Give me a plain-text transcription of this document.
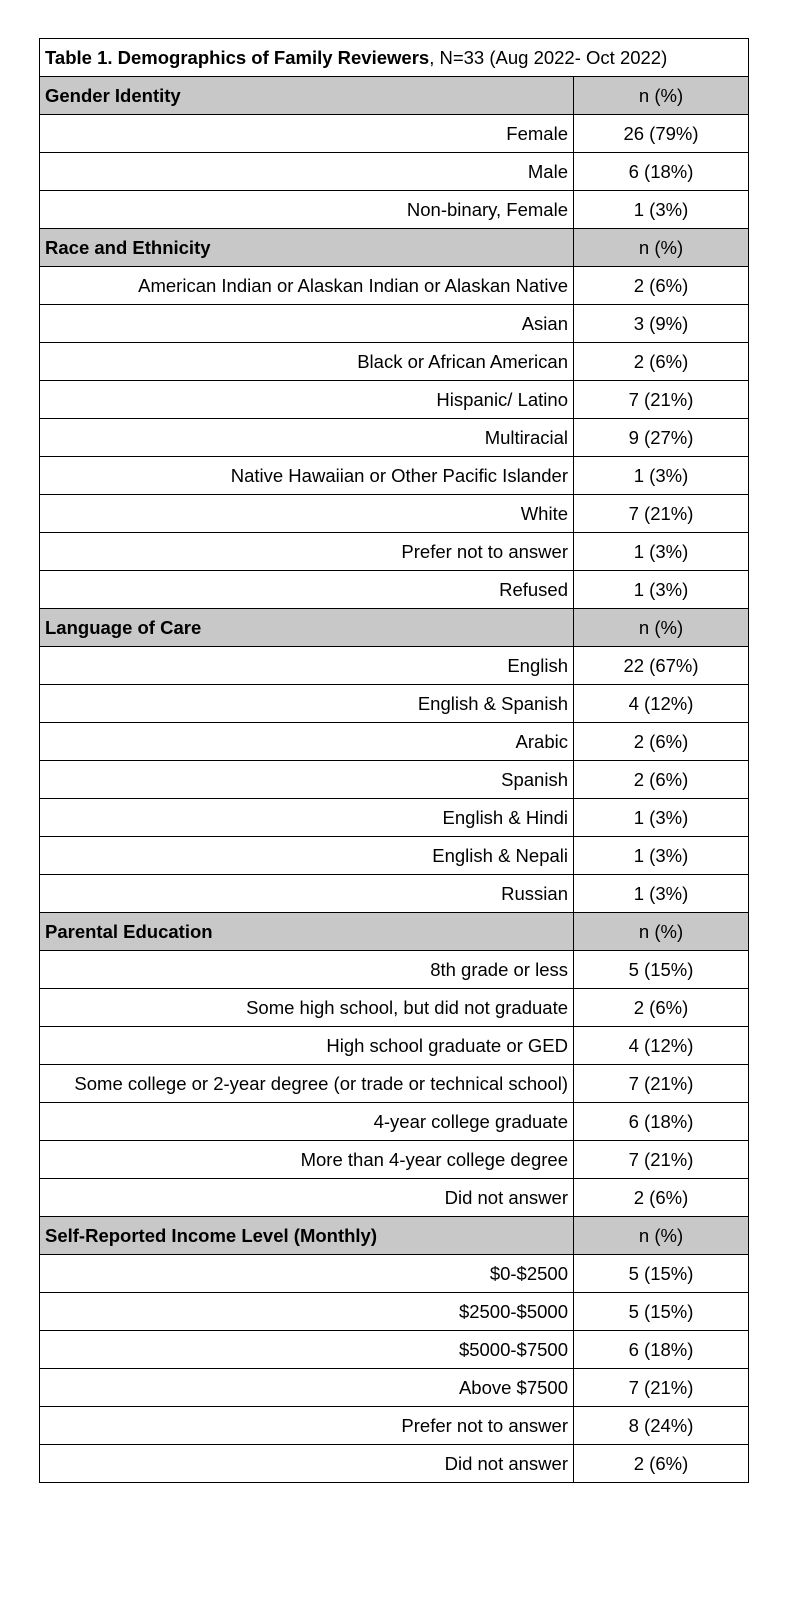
Table 1. Demographics of Family Reviewers, N=33 (Aug 2022- Oct 2022)	
Gender Identity	n (%)
Female	26 (79%)
Male	6 (18%)
Non-binary, Female	1 (3%)
Race and Ethnicity	n (%)
American Indian or Alaskan Indian or Alaskan Native	2 (6%)
Asian	3 (9%)
Black or African American	2 (6%)
Hispanic/ Latino	7 (21%)
Multiracial	9 (27%)
Native Hawaiian or Other Pacific Islander	1 (3%)
White	7 (21%)
Prefer not to answer	1 (3%)
Refused	1 (3%)
Language of Care	n (%)
English	22 (67%)
English & Spanish	4 (12%)
Arabic	2 (6%)
Spanish	2 (6%)
English & Hindi	1 (3%)
English & Nepali	1 (3%)
Russian	1 (3%)
Parental Education	n (%)
8th grade or less	5 (15%)
Some high school, but did not graduate	2 (6%)
High school graduate or GED	4 (12%)
Some college or 2-year degree (or trade or technical school)	7 (21%)
4-year college graduate	6 (18%)
More than 4-year college degree	7 (21%)
Did not answer	2 (6%)
Self-Reported Income Level (Monthly)	n (%)
$0-$2500	5 (15%)
$2500-$5000	5 (15%)
$5000-$7500	6 (18%)
Above $7500	7 (21%)
Prefer not to answer	8 (24%)
Did not answer	2 (6%)
